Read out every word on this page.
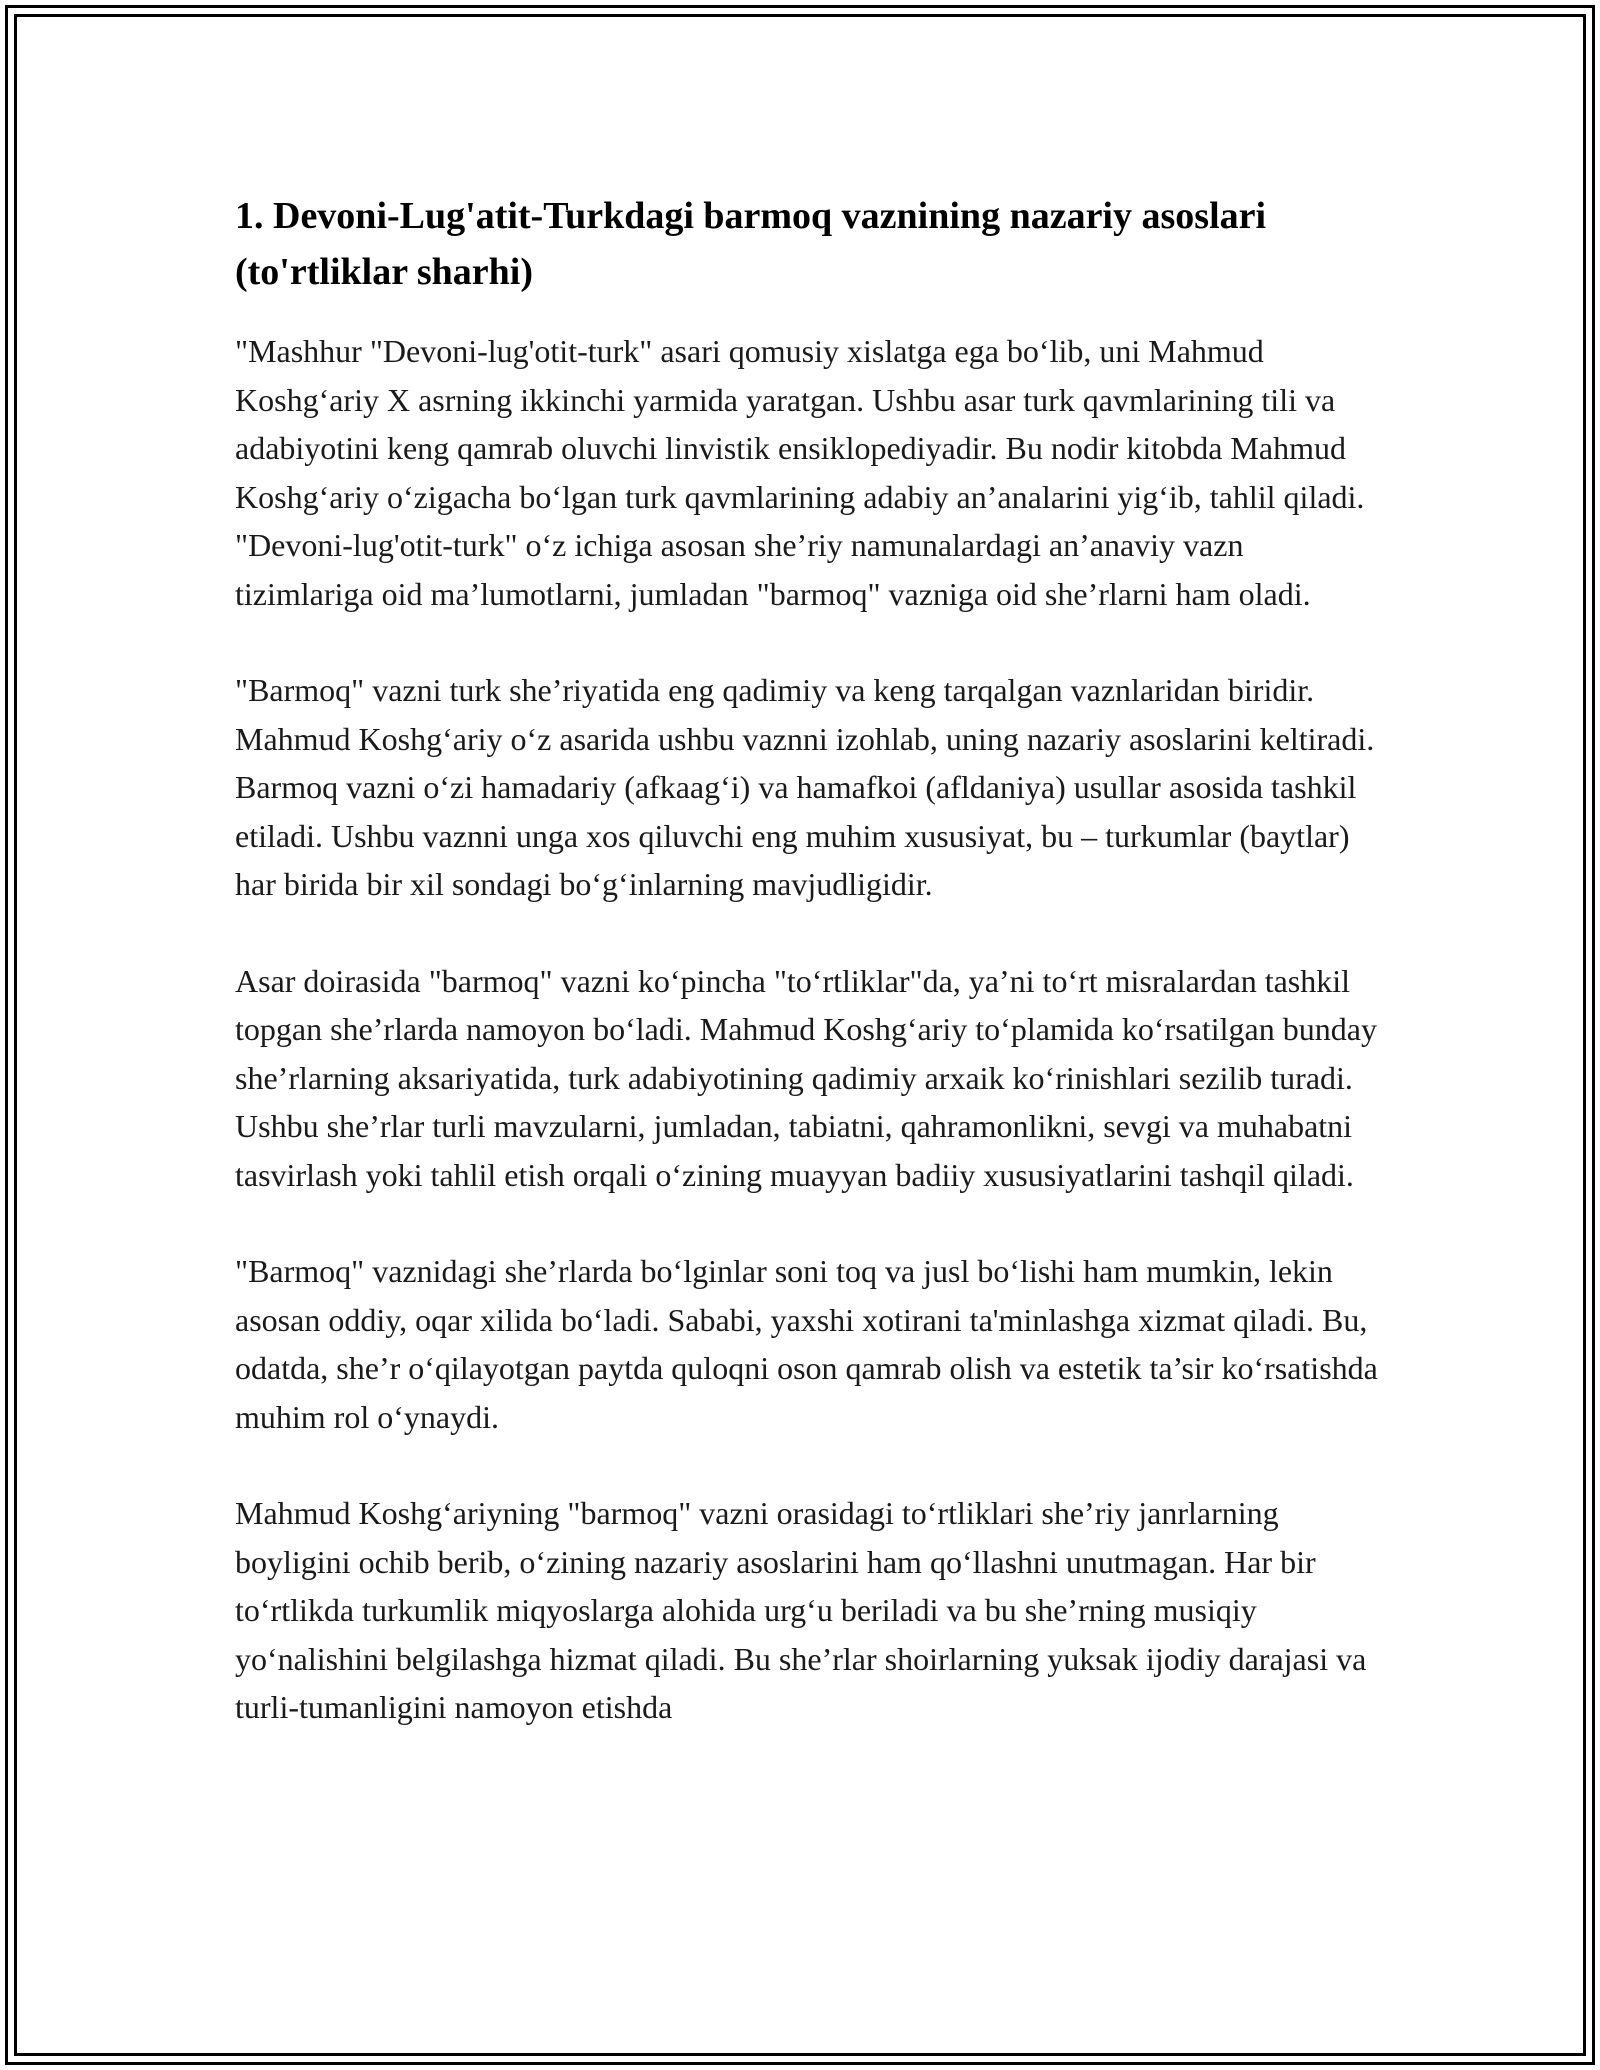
1. Devoni-Lug'atit-Turkdagi barmoq vaznining nazariy asoslari (to'rtliklar sharhi)

"Mashhur "Devoni-lug'otit-turk" asari qomusiy xislatga ega bo‘lib, uni Mahmud Koshg‘ariy X asrning ikkinchi yarmida yaratgan. Ushbu asar turk qavmlarining tili va adabiyotini keng qamrab oluvchi linvistik ensiklopediyadir. Bu nodir kitobda Mahmud Koshg‘ariy o‘zigacha bo‘lgan turk qavmlarining adabiy an’analarini yig‘ib, tahlil qiladi. "Devoni-lug'otit-turk" o‘z ichiga asosan she’riy namunalardagi an’anaviy vazn tizimlariga oid ma’lumotlarni, jumladan "barmoq" vazniga oid she’rlarni ham oladi.

"Barmoq" vazni turk she’riyatida eng qadimiy va keng tarqalgan vaznlaridan biridir. Mahmud Koshg‘ariy o‘z asarida ushbu vaznni izohlab, uning nazariy asoslarini keltiradi. Barmoq vazni o‘zi hamadariy (afkaag‘i) va hamafkoi (afldaniya) usullar asosida tashkil etiladi. Ushbu vaznni unga xos qiluvchi eng muhim xususiyat, bu – turkumlar (baytlar) har birida bir xil sondagi bo‘g‘inlarning mavjudligidir.

Asar doirasida "barmoq" vazni ko‘pincha "to‘rtliklar"da, ya’ni to‘rt misralardan tashkil topgan she’rlarda namoyon bo‘ladi. Mahmud Koshg‘ariy to‘plamida ko‘rsatilgan bunday she’rlarning aksariyatida, turk adabiyotining qadimiy arxaik ko‘rinishlari sezilib turadi. Ushbu she’rlar turli mavzularni, jumladan, tabiatni, qahramonlikni, sevgi va muhabatni tasvirlash yoki tahlil etish orqali o‘zining muayyan badiiy xususiyatlarini tashqil qiladi.

"Barmoq" vaznidagi she’rlarda bo‘lginlar soni toq va jusl bo‘lishi ham mumkin, lekin asosan oddiy, oqar xilida bo‘ladi. Sababi, yaxshi xotirani ta'minlashga xizmat qiladi. Bu, odatda, she’r o‘qilayotgan paytda quloqni oson qamrab olish va estetik ta’sir ko‘rsatishda muhim rol o‘ynaydi.

Mahmud Koshg‘ariyning "barmoq" vazni orasidagi to‘rtliklari she’riy janrlarning boyligini ochib berib, o‘zining nazariy asoslarini ham qo‘llashni unutmagan. Har bir to‘rtlikda turkumlik miqyoslarga alohida urg‘u beriladi va bu she’rning musiqiy yo‘nalishini belgilashga hizmat qiladi. Bu she’rlar shoirlarning yuksak ijodiy darajasi va turli-tumanligini namoyon etishda
